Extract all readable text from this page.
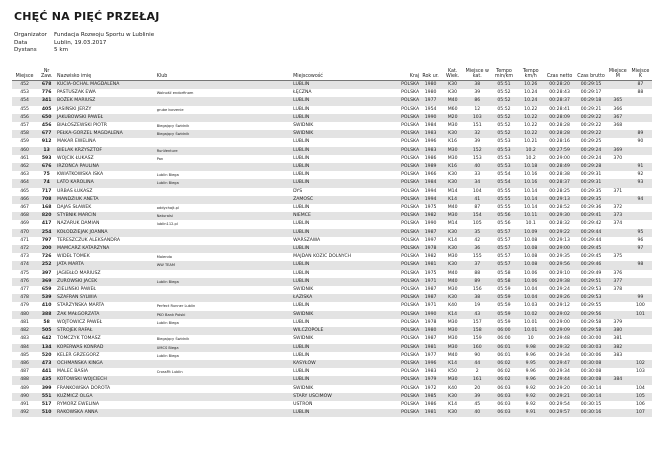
CHĘĆ NA PIĘĆ PRZEŁAJ
Organizator	Fundacja Rozwoju Sportu w Lublinie
Data	Lublin, 19.03.2017
Dystans	5 km
Miejsce	Nr Zaw.	Nazwisko imię	Klub	Miejscowość	Kraj	Rok ur.	Kat. Wiek.	Miejsce w kat.	Tempo min/km	Tempo km/h	Czas netto	Czas brutto	Miejsce M	Miejsce K
452	678	KUCIA-OCHAL MAGDALENA		LUBLIN	POLSKA	1980	K30	38	05:51	10.26	00:28:20	00:29:15		87
453	776	PASTUSZAK EWA	Wolność endorfinom	ŁĘCZNA	POLSKA	1980	K30	39	05:52	10.24	00:28:43	00:29:17		88
454	341	BOŻEK MARIUSZ		LUBLIN	POLSKA	1977	M40	86	05:52	10.24	00:28:37	00:29:18	365	
455	405	JASIŃSKI JERZY	grube korzenie	LUBLIN	POLSKA	1954	M60	12	05:52	10.22	00:28:41	00:29:21	366	
456	650	JAKUBOWSKI PAWEŁ		LUBLIN	POLSKA	1990	M20	103	05:52	10.22	00:28:09	00:29:22	367	
457	456	BIAŁOSZEWSKI PIOTR	Biegający Świdnik	ŚWIDNIK	POLSKA	1984	M30	151	05:52	10.22	00:28:28	00:29:22	368	
458	677	PEŁKA-GORZEL MAGDALENA	Biegający Świdnik	ŚWIDNIK	POLSKA	1983	K30	32	05:52	10.22	00:28:28	00:29:22		89
459	912	MAKAR EWELINA		LUBLIN	POLSKA	1996	K16	39	05:53	10.21	00:28:16	00:29:25		90
460	13	BIELAK KRZYSZTOF	RunVenture	LUBLIN	POLSKA	1983	M30	152	05:53	10.2	00:27:59	00:29:24	369	
461	593	WOJCIK ŁUKASZ	Pan	LUBLIN	POLSKA	1986	M30	153	05:53	10.2	00:29:00	00:29:24	370	
462	676	IRZOŃCA PAULINA		LUBLIN	POLSKA	1989	K16	40	05:53	10.18	00:28:49	00:29:28		91
463	75	KWIATKOWSKA ISKA	Lublin Biega	LUBLIN	POLSKA	1966	K30	33	05:54	10.16	00:28:38	00:29:31		92
464	74	LATO KAROLINA	Lublin Biega	LUBLIN	POLSKA	1984	K30	34	05:54	10.16	00:28:37	00:29:31		93
465	717	URBAŚ ŁUKASZ		DYS	POLSKA	1994	M14	104	05:55	10.14	00:28:25	00:29:35	371	
466	708	MANDZIUK ANETA		ZAMOŚĆ	POLSKA	1994	K14	41	05:55	10.14	00:29:13	00:29:35		94
467	168	DAJAS SŁAWEK	oddychajt.pl	LUBLIN	POLSKA	1975	M40	87	05:55	10.14	00:28:52	00:29:36	372	
468	820	STYBNIK MARCIN	Naturalsi	NIEMCE	POLSKA	1982	M30	154	05:56	10.11	00:29:30	00:29:41	373	
469	417	NAZARUK DAMIAN	lublin112.pl	LUBLIN	POLSKA	1990	M14	105	05:56	10.1	00:28:32	00:29:42	374	
470	254	KOŁODZIEJAK JOANNA		LUBLIN	POLSKA	1987	K30	35	05:57	10.09	00:29:22	00:29:44		95
471	797	TERESZCZUK ALEKSANDRA		WARSZAWA	POLSKA	1997	K14	42	05:57	10.08	00:29:13	00:29:44		96
472	200	MAMCARZ KATARZYNA		LUBLIN	POLSKA	1978	K30	36	05:57	10.08	00:29:00	00:29:45		97
473	726	WIDEŁ TOMEK	Molendo	MAJDAN KOZIC DOLNYCH	POLSKA	1982	M30	155	05:57	10.08	00:29:35	00:29:45	375	
474	252	JATA MARTA	WW TEAM	LUBLIN	POLSKA	1981	K30	37	05:57	10.08	00:29:56	00:29:46		98
475	397	JAGIEŁŁO MARIUSZ		LUBLIN	POLSKA	1975	M40	88	05:58	10.06	00:29:10	00:29:49	376	
476	369	ZUROWSKI JACEK	Lublin Biega	LUBLIN	POLSKA	1971	M40	89	05:58	10.06	00:29:38	00:29:51	377	
477	659	ZIELIŃSKI PAWEŁ		ŚWIDNIK	POLSKA	1987	M30	156	05:59	10.04	00:29:24	00:29:53	378	
478	539	SZAFRAN SYLWIA		ŁAZISKA	POLSKA	1987	K30	38	05:59	10.04	00:29:26	00:29:53		99
479	410	STARZYŃSKA MARTA	Perfect Runner Lublin	LUBLIN	POLSKA	1971	K40	19	05:59	10.03	00:29:12	00:29:55		100
480	388	ŻAK MAŁGORZATA	PKO Bank Polski	ŚWIDNIK	POLSKA	1990	K14	43	05:59	10.02	00:29:02	00:29:56		101
481	58	WÓJTOWICZ PAWEŁ	Lublin Biega	LUBLIN	POLSKA	1978	M30	157	05:59	10.01	00:29:00	00:29:58	379	
482	505	STROJEK RAFAŁ		WILCZOPOLE	POLSKA	1980	M30	158	06:00	10.01	00:29:09	00:29:58	380	
483	642	TOMCZYK TOMASZ	Biegający Świdnik	ŚWIDNIK	POLSKA	1987	M30	159	06:00	10	00:29:48	00:30:00	381	
484	134	KOPERWAS KONRAD	UMCS Biega	LUBLIN	POLSKA	1981	M30	160	06:01	9.98	00:29:32	00:30:03	382	
485	520	KELER GRZEGORZ	Lublin Biega	LUBLIN	POLSKA	1977	M40	90	06:01	9.96	00:29:34	00:30:06	383	
486	473	OCHMAŃSKA KINGA		KASYŁÓW	POLSKA	1996	K14	44	06:02	9.95	00:29:47	00:30:08		102
487	441	MALEC BASIA	CrossFit Lublin	LUBLIN	POLSKA	1983	K50	2	06:02	9.96	00:29:34	00:30:08		103
488	435	KOTOWSKI WOJCIECH		LUBLIN	POLSKA	1979	M30	161	06:02	9.96	00:29:44	00:30:08	384	
489	399	FRANKOWSKA DOROTA		ŚWIDNIK	POLSKA	1972	K40	20	06:03	9.92	00:29:20	00:30:14		104
490	551	KUŹMICZ OLGA		STARY UŚCIMÓW	POLSKA	1985	K30	39	06:03	9.92	00:29:21	00:30:14		105
491	517	RYMORZ EWELINA		USTROŃ	POLSKA	1986	K14	45	06:03	9.92	00:29:54	00:30:15		106
492	510	RAKOWSKA ANNA		LUBLIN	POLSKA	1981	K30	40	06:03	9.91	00:29:57	00:30:16		107
